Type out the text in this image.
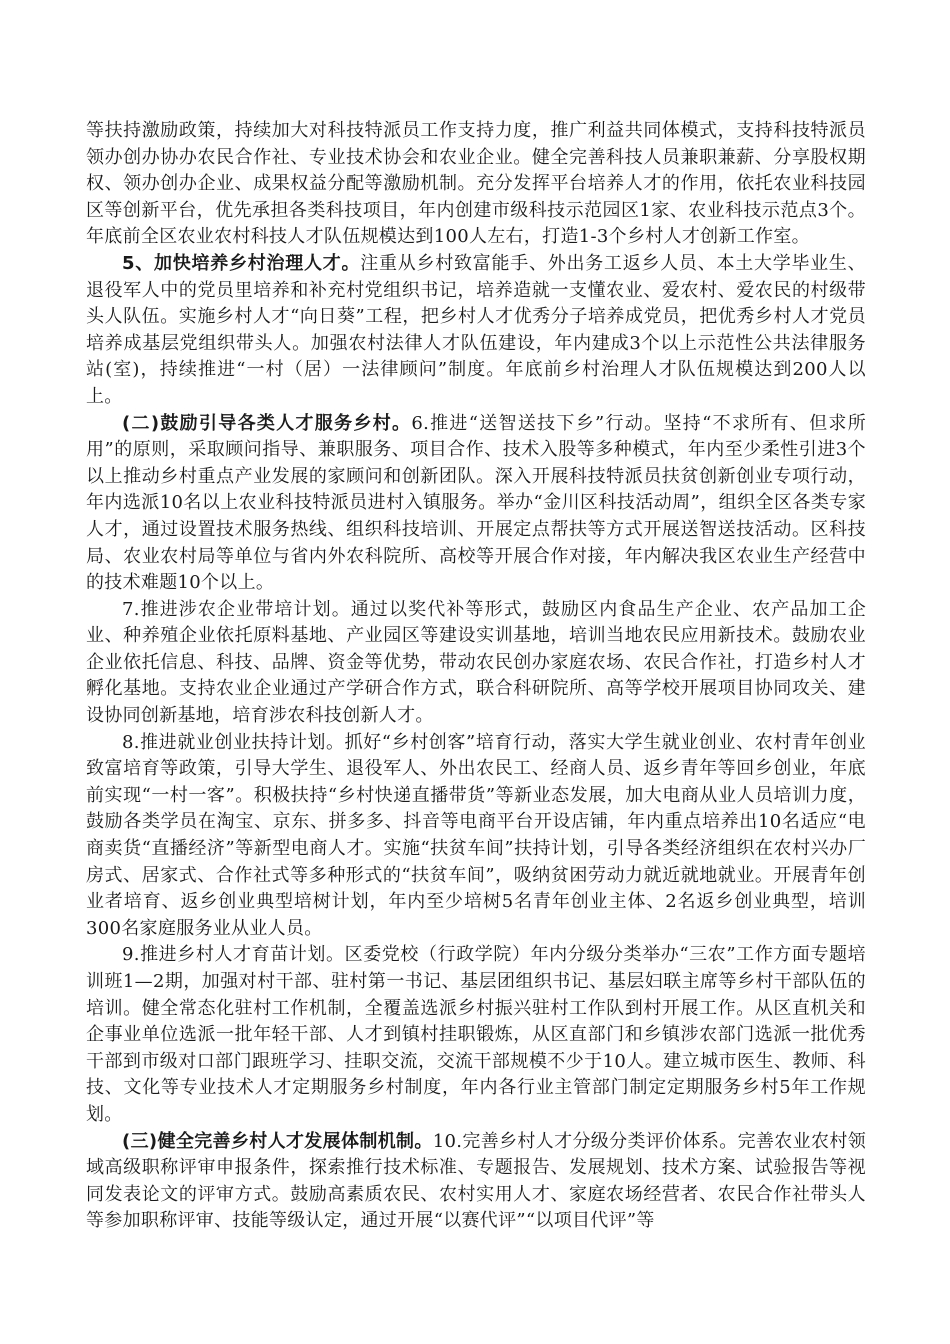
等扶持激励政策，持续加大对科技特派员工作支持力度，推广利益共同体模式，支持科技特派员领办创办协办农民合作社、专业技术协会和农业企业。健全完善科技人员兼职兼薪、分享股权期权、领办创办企业、成果权益分配等激励机制。充分发挥平台培养人才的作用，依托农业科技园区等创新平台，优先承担各类科技项目，年内创建市级科技示范园区1家、农业科技示范点3个。年底前全区农业农村科技人才队伍规模达到100人左右，打造1-3个乡村人才创新工作室。

5、加快培养乡村治理人才。注重从乡村致富能手、外出务工返乡人员、本土大学毕业生、退役军人中的党员里培养和补充村党组织书记，培养造就一支懂农业、爱农村、爱农民的村级带头人队伍。实施乡村人才“向日葵”工程，把乡村人才优秀分子培养成党员，把优秀乡村人才党员培养成基层党组织带头人。加强农村法律人才队伍建设，年内建成3个以上示范性公共法律服务站(室)，持续推进“一村（居）一法律顾问”制度。年底前乡村治理人才队伍规模达到200人以上。

(二)鼓励引导各类人才服务乡村。6.推进“送智送技下乡”行动。坚持“不求所有、但求所用”的原则，采取顾问指导、兼职服务、项目合作、技术入股等多种模式，年内至少柔性引进3个以上推动乡村重点产业发展的家顾问和创新团队。深入开展科技特派员扶贫创新创业专项行动，年内选派10名以上农业科技特派员进村入镇服务。举办“金川区科技活动周”，组织全区各类专家人才，通过设置技术服务热线、组织科技培训、开展定点帮扶等方式开展送智送技活动。区科技局、农业农村局等单位与省内外农科院所、高校等开展合作对接，年内解决我区农业生产经营中的技术难题10个以上。

7.推进涉农企业带培计划。通过以奖代补等形式，鼓励区内食品生产企业、农产品加工企业、种养殖企业依托原料基地、产业园区等建设实训基地，培训当地农民应用新技术。鼓励农业企业依托信息、科技、品牌、资金等优势，带动农民创办家庭农场、农民合作社，打造乡村人才孵化基地。支持农业企业通过产学研合作方式，联合科研院所、高等学校开展项目协同攻关、建设协同创新基地，培育涉农科技创新人才。

8.推进就业创业扶持计划。抓好“乡村创客”培育行动，落实大学生就业创业、农村青年创业致富培育等政策，引导大学生、退役军人、外出农民工、经商人员、返乡青年等回乡创业，年底前实现“一村一客”。积极扶持“乡村快递直播带货”等新业态发展，加大电商从业人员培训力度，鼓励各类学员在淘宝、京东、拼多多、抖音等电商平台开设店铺，年内重点培养出10名适应“电商卖货“直播经济”等新型电商人才。实施“扶贫车间”扶持计划，引导各类经济组织在农村兴办厂房式、居家式、合作社式等多种形式的“扶贫车间”，吸纳贫困劳动力就近就地就业。开展青年创业者培育、返乡创业典型培树计划，年内至少培树5名青年创业主体、2名返乡创业典型，培训300名家庭服务业从业人员。

9.推进乡村人才育苗计划。区委党校（行政学院）年内分级分类举办“三农”工作方面专题培训班1—2期，加强对村干部、驻村第一书记、基层团组织书记、基层妇联主席等乡村干部队伍的培训。健全常态化驻村工作机制，全覆盖选派乡村振兴驻村工作队到村开展工作。从区直机关和企事业单位选派一批年轻干部、人才到镇村挂职锻炼，从区直部门和乡镇涉农部门选派一批优秀干部到市级对口部门跟班学习、挂职交流，交流干部规模不少于10人。建立城市医生、教师、科技、文化等专业技术人才定期服务乡村制度，年内各行业主管部门制定定期服务乡村5年工作规划。

(三)健全完善乡村人才发展体制机制。10.完善乡村人才分级分类评价体系。完善农业农村领域高级职称评审申报条件，探索推行技术标准、专题报告、发展规划、技术方案、试验报告等视同发表论文的评审方式。鼓励高素质农民、农村实用人才、家庭农场经营者、农民合作社带头人等参加职称评审、技能等级认定，通过开展“以赛代评”“以项目代评”等
